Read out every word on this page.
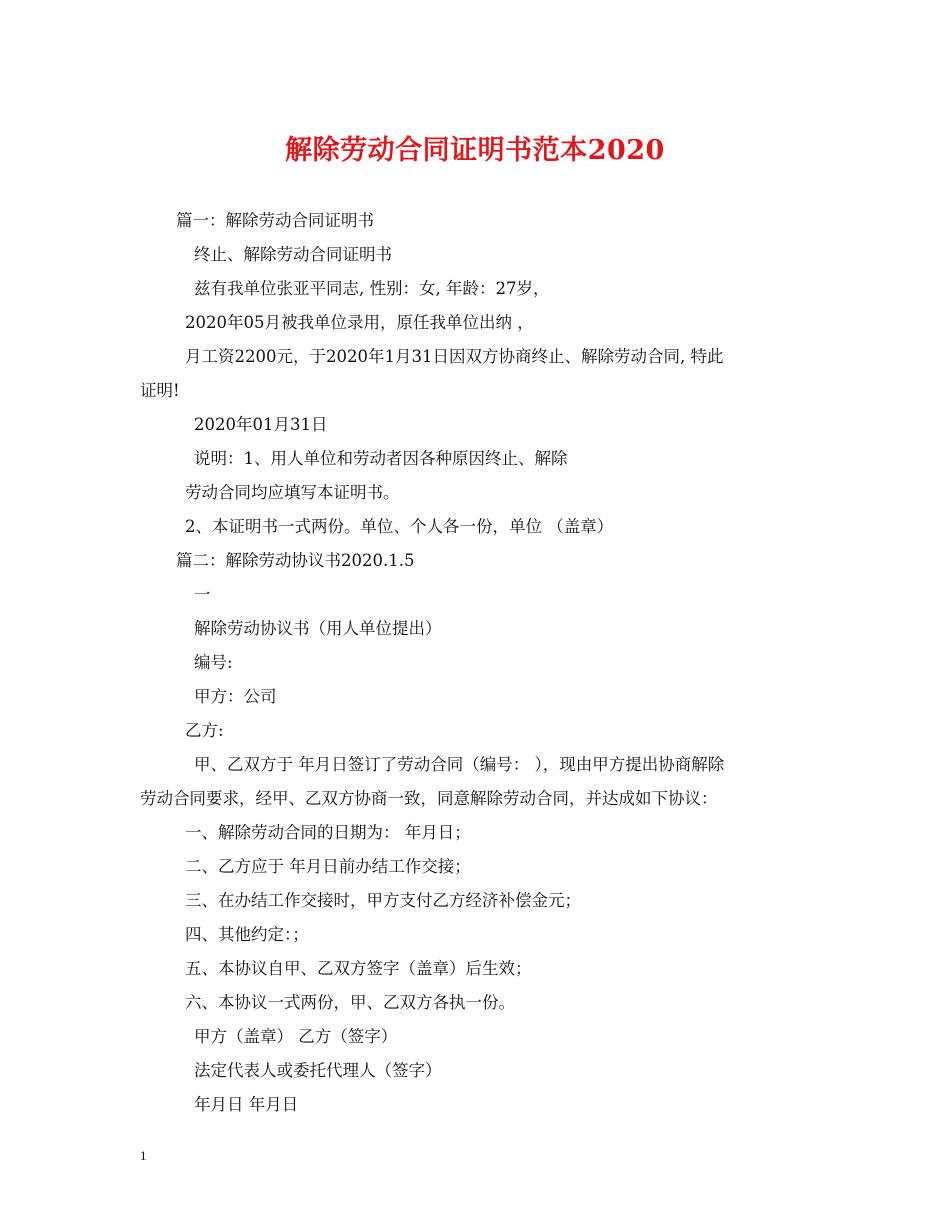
解除劳动合同证明书范本2020
篇一：解除劳动合同证明书
终止、解除劳动合同证明书
兹有我单位张亚平同志, 性别：女, 年龄：27岁，
2020年05月被我单位录用，原任我单位出纳 ，
月工资2200元，于2020年1月31日因双方协商终止、解除劳动合同, 特此
证明!
2020年01月31日
说明：1、用人单位和劳动者因各种原因终止、解除
劳动合同均应填写本证明书。
2、本证明书一式两份。单位、个人各一份，单位 （盖章）
篇二：解除劳动协议书2020.1.5
一
解除劳动协议书（用人单位提出）
编号:
甲方：公司
乙方:
甲、乙双方于 年月日签订了劳动合同（编号： ），现由甲方提出协商解除
劳动合同要求，经甲、乙双方协商一致，同意解除劳动合同，并达成如下协议：
一、解除劳动合同的日期为： 年月日；
二、乙方应于 年月日前办结工作交接；
三、在办结工作交接时，甲方支付乙方经济补偿金元；
四、其他约定：；
五、本协议自甲、乙双方签字（盖章）后生效；
六、本协议一式两份，甲、乙双方各执一份。
甲方（盖章） 乙方（签字）
法定代表人或委托代理人（签字）
年月日 年月日
1
